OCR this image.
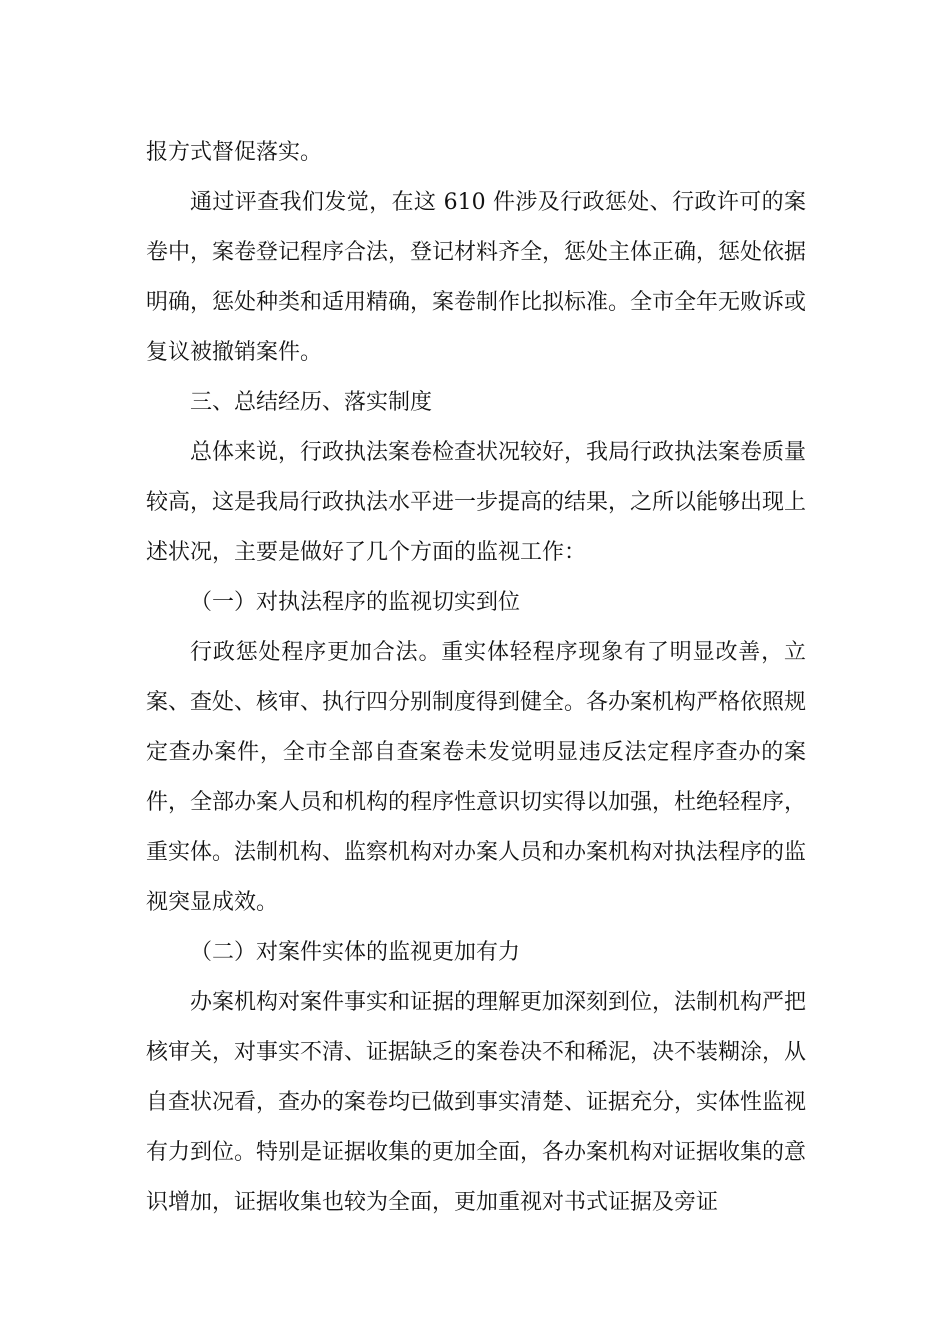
报方式督促落实。

通过评查我们发觉，在这 610 件涉及行政惩处、行政许可的案卷中，案卷登记程序合法，登记材料齐全，惩处主体正确，惩处依据明确，惩处种类和适用精确，案卷制作比拟标准。全市全年无败诉或复议被撤销案件。

三、总结经历、落实制度

总体来说，行政执法案卷检查状况较好，我局行政执法案卷质量较高，这是我局行政执法水平进一步提高的结果，之所以能够出现上述状况，主要是做好了几个方面的监视工作：

（一）对执法程序的监视切实到位

行政惩处程序更加合法。重实体轻程序现象有了明显改善，立案、查处、核审、执行四分别制度得到健全。各办案机构严格依照规定查办案件，全市全部自查案卷未发觉明显违反法定程序查办的案件，全部办案人员和机构的程序性意识切实得以加强，杜绝轻程序，重实体。法制机构、监察机构对办案人员和办案机构对执法程序的监视突显成效。

（二）对案件实体的监视更加有力

办案机构对案件事实和证据的理解更加深刻到位，法制机构严把核审关，对事实不清、证据缺乏的案卷决不和稀泥，决不装糊涂，从自查状况看，查办的案卷均已做到事实清楚、证据充分，实体性监视有力到位。特别是证据收集的更加全面，各办案机构对证据收集的意识增加，证据收集也较为全面，更加重视对书式证据及旁证
